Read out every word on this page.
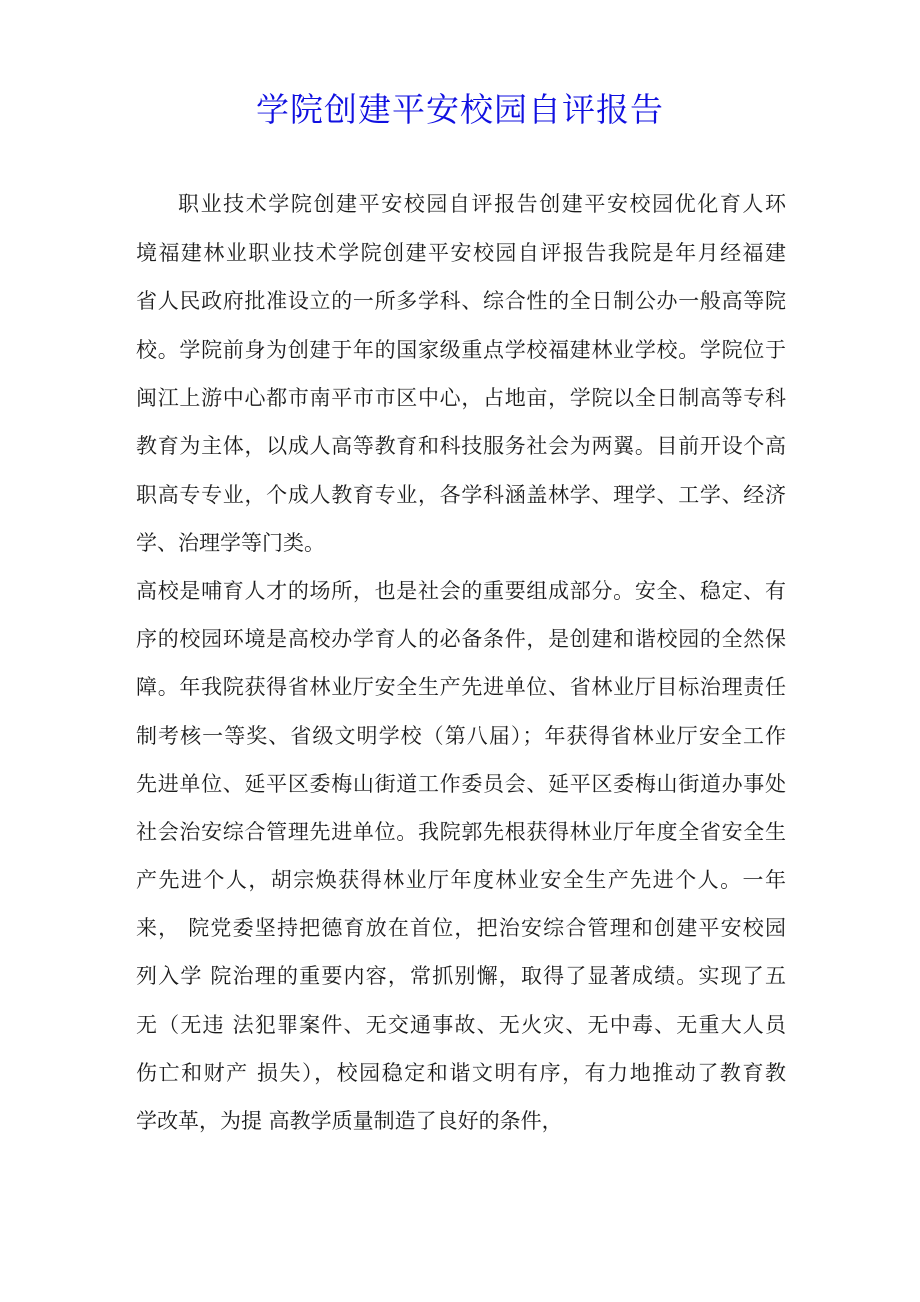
学院创建平安校园自评报告
职业技术学院创建平安校园自评报告创建平安校园优化育人环
境福建林业职业技术学院创建平安校园自评报告我院是年月经福建
省人民政府批准设立的一所多学科、综合性的全日制公办一般高等院
校。学院前身为创建于年的国家级重点学校福建林业学校。学院位于
闽江上游中心都市南平市市区中心，占地亩，学院以全日制高等专科
教育为主体，以成人高等教育和科技服务社会为两翼。目前开设个高
职高专专业，个成人教育专业，各学科涵盖林学、理学、工学、经济
学、治理学等门类。
高校是哺育人才的场所，也是社会的重要组成部分。安全、稳定、有
序的校园环境是高校办学育人的必备条件，是创建和谐校园的全然保
障。年我院获得省林业厅安全生产先进单位、省林业厅目标治理责任
制考核一等奖、省级文明学校（第八届）；年获得省林业厅安全工作
先进单位、延平区委梅山街道工作委员会、延平区委梅山街道办事处
社会治安综合管理先进单位。我院郭先根获得林业厅年度全省安全生
产先进个人，胡宗焕获得林业厅年度林业安全生产先进个人。一年
来， 院党委坚持把德育放在首位，把治安综合管理和创建平安校园
列入学 院治理的重要内容，常抓别懈，取得了显著成绩。实现了五
无（无违 法犯罪案件、无交通事故、无火灾、无中毒、无重大人员
伤亡和财产 损失），校园稳定和谐文明有序，有力地推动了教育教
学改革，为提 高教学质量制造了良好的条件，
